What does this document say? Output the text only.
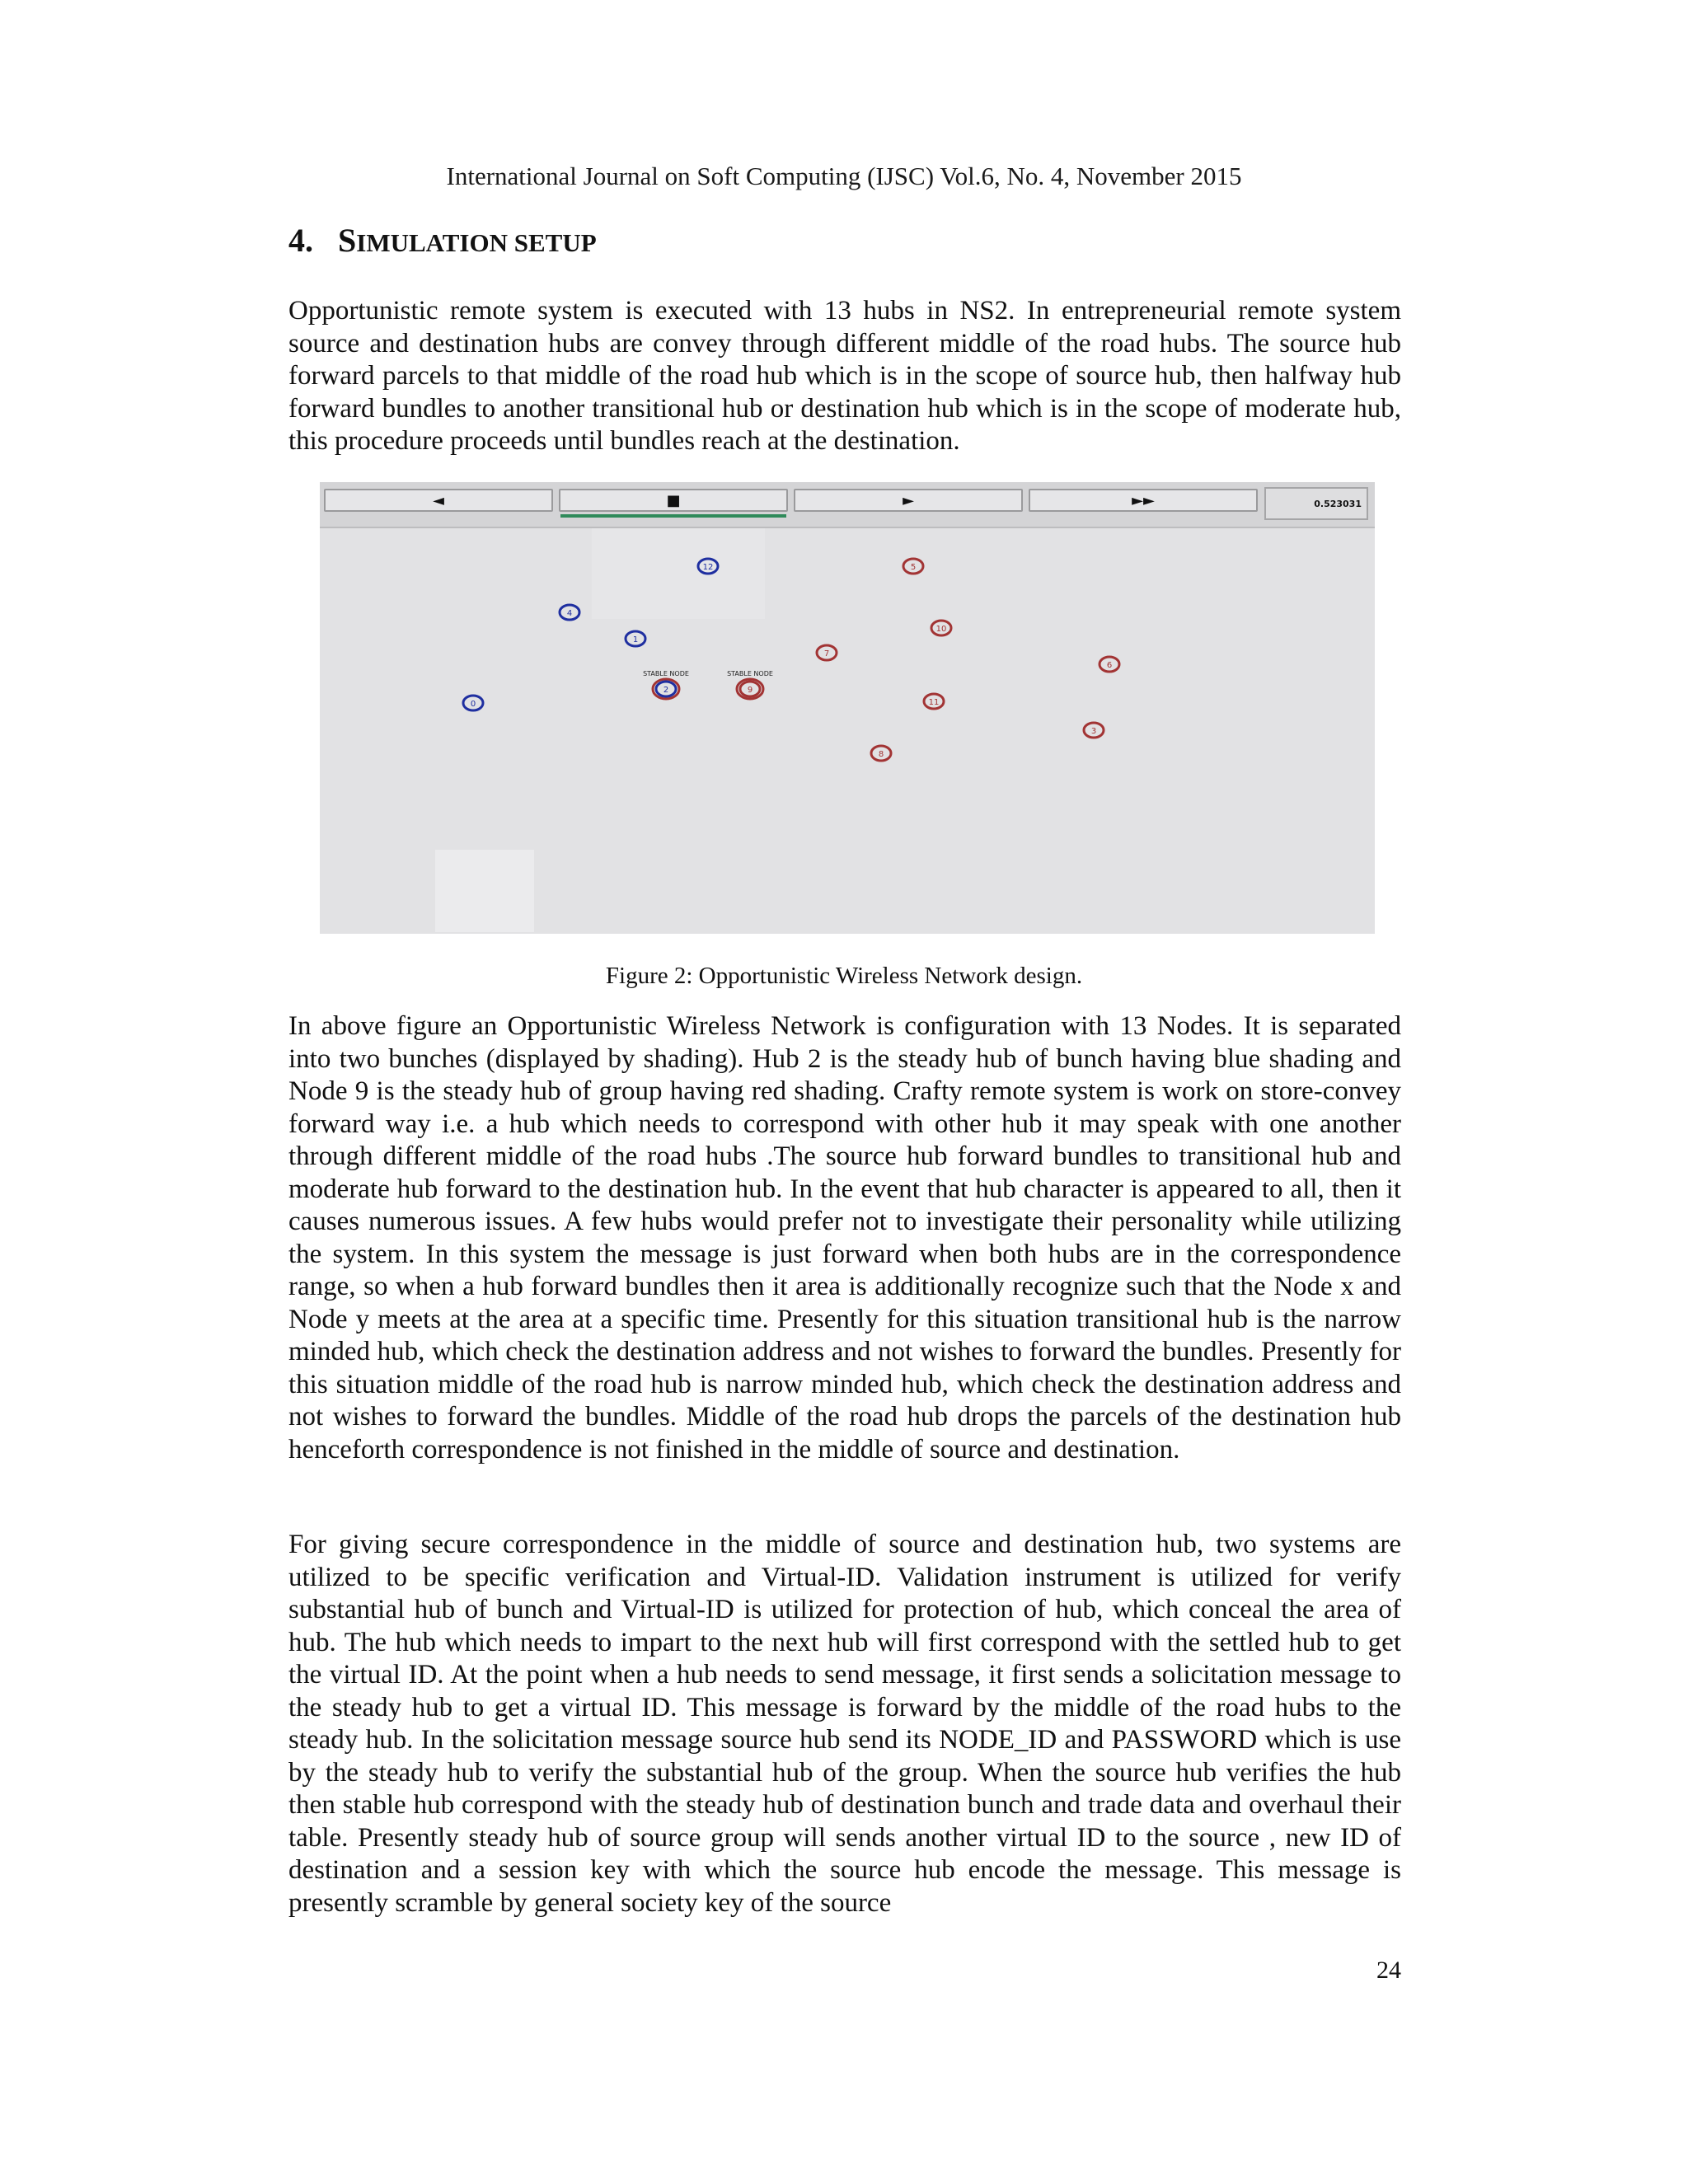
International Journal on Soft Computing (IJSC) Vol.6, No. 4, November 2015
4. SIMULATION SETUP

Opportunistic remote system is executed with 13 hubs in NS2. In entrepreneurial remote system source and destination hubs are convey through different middle of the road hubs. The source hub forward parcels to that middle of the road hub which is in the scope of source hub, then halfway hub forward bundles to another transitional hub or destination hub which is in the scope of moderate hub, this procedure proceeds until bundles reach at the destination.

◄	■	►	►►	0.523031
0
1
STABLE NODE
2
4
12
3
5
6
7
8
STABLE NODE
9
10
11
Figure 2: Opportunistic Wireless Network design.

In above figure an Opportunistic Wireless Network is configuration with 13 Nodes. It is separated into two bunches (displayed by shading). Hub 2 is the steady hub of bunch having blue shading and Node 9 is the steady hub of group having red shading. Crafty remote system is work on store-convey forward way i.e. a hub which needs to correspond with other hub it may speak with one another through different middle of the road hubs .The source hub forward bundles to transitional hub and moderate hub forward to the destination hub. In the event that hub character is appeared to all, then it causes numerous issues. A few hubs would prefer not to investigate their personality while utilizing the system. In this system the message is just forward when both hubs are in the correspondence range, so when a hub forward bundles then it area is additionally recognize such that the Node x and Node y meets at the area at a specific time. Presently for this situation transitional hub is the narrow minded hub, which check the destination address and not wishes to forward the bundles. Presently for this situation middle of the road hub is narrow minded hub, which check the destination address and not wishes to forward the bundles. Middle of the road hub drops the parcels of the destination hub henceforth correspondence is not finished in the middle of source and destination.

For giving secure correspondence in the middle of source and destination hub, two systems are utilized to be specific verification and Virtual-ID. Validation instrument is utilized for verify substantial hub of bunch and Virtual-ID is utilized for protection of hub, which conceal the area of hub. The hub which needs to impart to the next hub will first correspond with the settled hub to get the virtual ID. At the point when a hub needs to send message, it first sends a solicitation message to the steady hub to get a virtual ID. This message is forward by the middle of the road hubs to the steady hub. In the solicitation message source hub send its NODE_ID and PASSWORD which is use by the steady hub to verify the substantial hub of the group. When the source hub verifies the hub then stable hub correspond with the steady hub of destination bunch and trade data and overhaul their table. Presently steady hub of source group will sends another virtual ID to the source , new ID of destination and a session key with which the source hub encode the message. This message is presently scramble by general society key of the source

24
